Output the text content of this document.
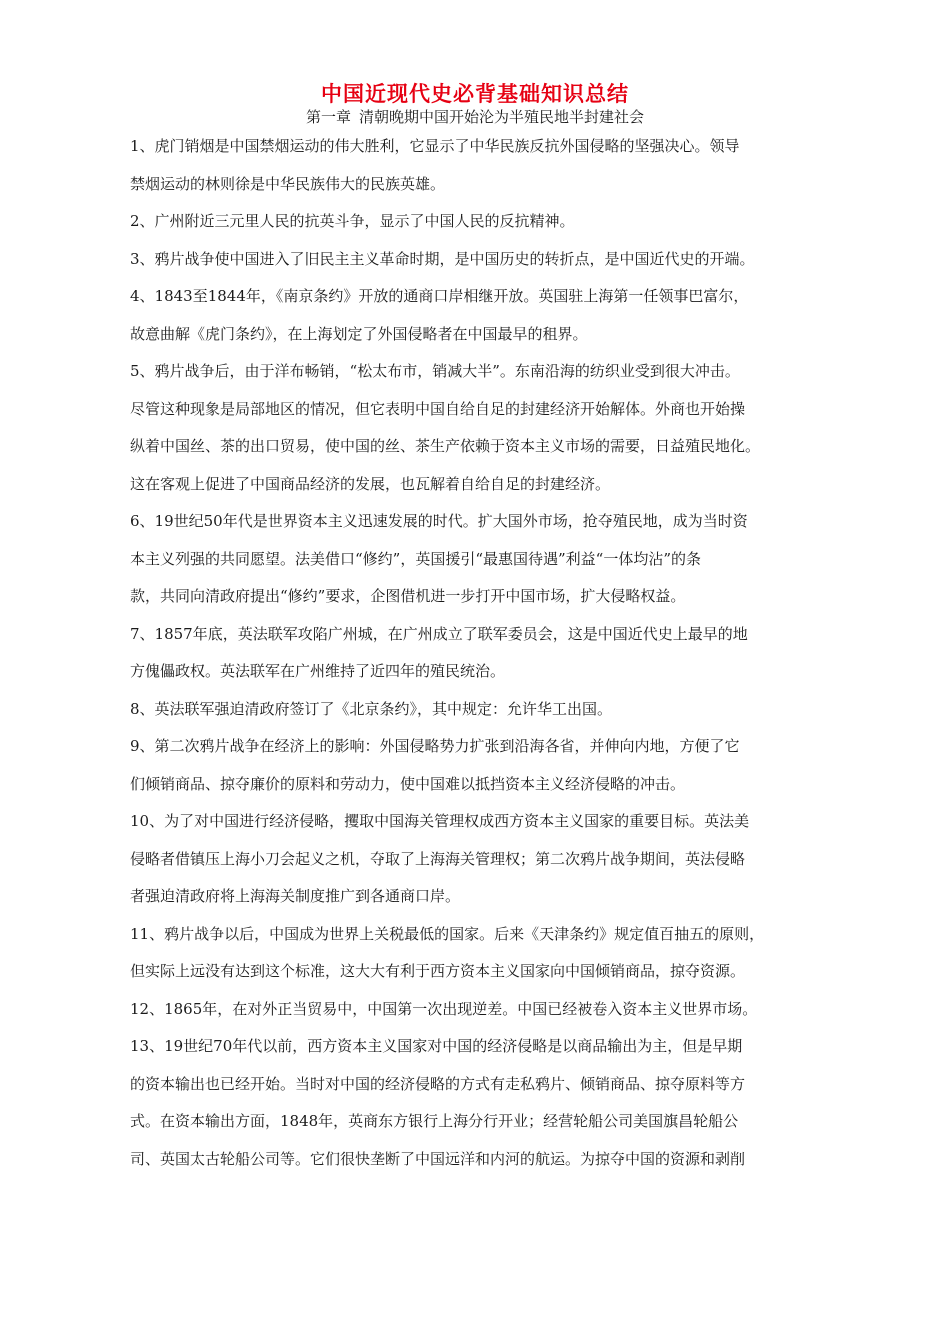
中国近现代史必背基础知识总结
第一章 清朝晚期中国开始沦为半殖民地半封建社会

1、虎门销烟是中国禁烟运动的伟大胜利，它显示了中华民族反抗外国侵略的坚强决心。领导
禁烟运动的林则徐是中华民族伟大的民族英雄。

2、广州附近三元里人民的抗英斗争，显示了中国人民的反抗精神。

3、鸦片战争使中国进入了旧民主主义革命时期，是中国历史的转折点，是中国近代史的开端。

4、1843至1844年，《南京条约》开放的通商口岸相继开放。英国驻上海第一任领事巴富尔，
故意曲解《虎门条约》，在上海划定了外国侵略者在中国最早的租界。

5、鸦片战争后，由于洋布畅销，“松太布市，销减大半”。东南沿海的纺织业受到很大冲击。
尽管这种现象是局部地区的情况，但它表明中国自给自足的封建经济开始解体。外商也开始操
纵着中国丝、茶的出口贸易，使中国的丝、茶生产依赖于资本主义市场的需要，日益殖民地化。
这在客观上促进了中国商品经济的发展，也瓦解着自给自足的封建经济。

6、19世纪50年代是世界资本主义迅速发展的时代。扩大国外市场，抢夺殖民地，成为当时资
本主义列强的共同愿望。法美借口“修约”，英国援引“最惠国待遇”利益“一体均沾”的条
款，共同向清政府提出“修约”要求，企图借机进一步打开中国市场，扩大侵略权益。

7、1857年底，英法联军攻陷广州城，在广州成立了联军委员会，这是中国近代史上最早的地
方傀儡政权。英法联军在广州维持了近四年的殖民统治。

8、英法联军强迫清政府签订了《北京条约》，其中规定：允许华工出国。

9、第二次鸦片战争在经济上的影响：外国侵略势力扩张到沿海各省，并伸向内地，方便了它
们倾销商品、掠夺廉价的原料和劳动力，使中国难以抵挡资本主义经济侵略的冲击。

10、为了对中国进行经济侵略，攫取中国海关管理权成西方资本主义国家的重要目标。英法美
侵略者借镇压上海小刀会起义之机，夺取了上海海关管理权；第二次鸦片战争期间，英法侵略
者强迫清政府将上海海关制度推广到各通商口岸。

11、鸦片战争以后，中国成为世界上关税最低的国家。后来《天津条约》规定值百抽五的原则，
但实际上远没有达到这个标准，这大大有利于西方资本主义国家向中国倾销商品，掠夺资源。

12、1865年，在对外正当贸易中，中国第一次出现逆差。中国已经被卷入资本主义世界市场。

13、19世纪70年代以前，西方资本主义国家对中国的经济侵略是以商品输出为主，但是早期
的资本输出也已经开始。当时对中国的经济侵略的方式有走私鸦片、倾销商品、掠夺原料等方
式。在资本输出方面，1848年，英商东方银行上海分行开业；经营轮船公司美国旗昌轮船公
司、英国太古轮船公司等。它们很快垄断了中国远洋和内河的航运。为掠夺中国的资源和剥削
